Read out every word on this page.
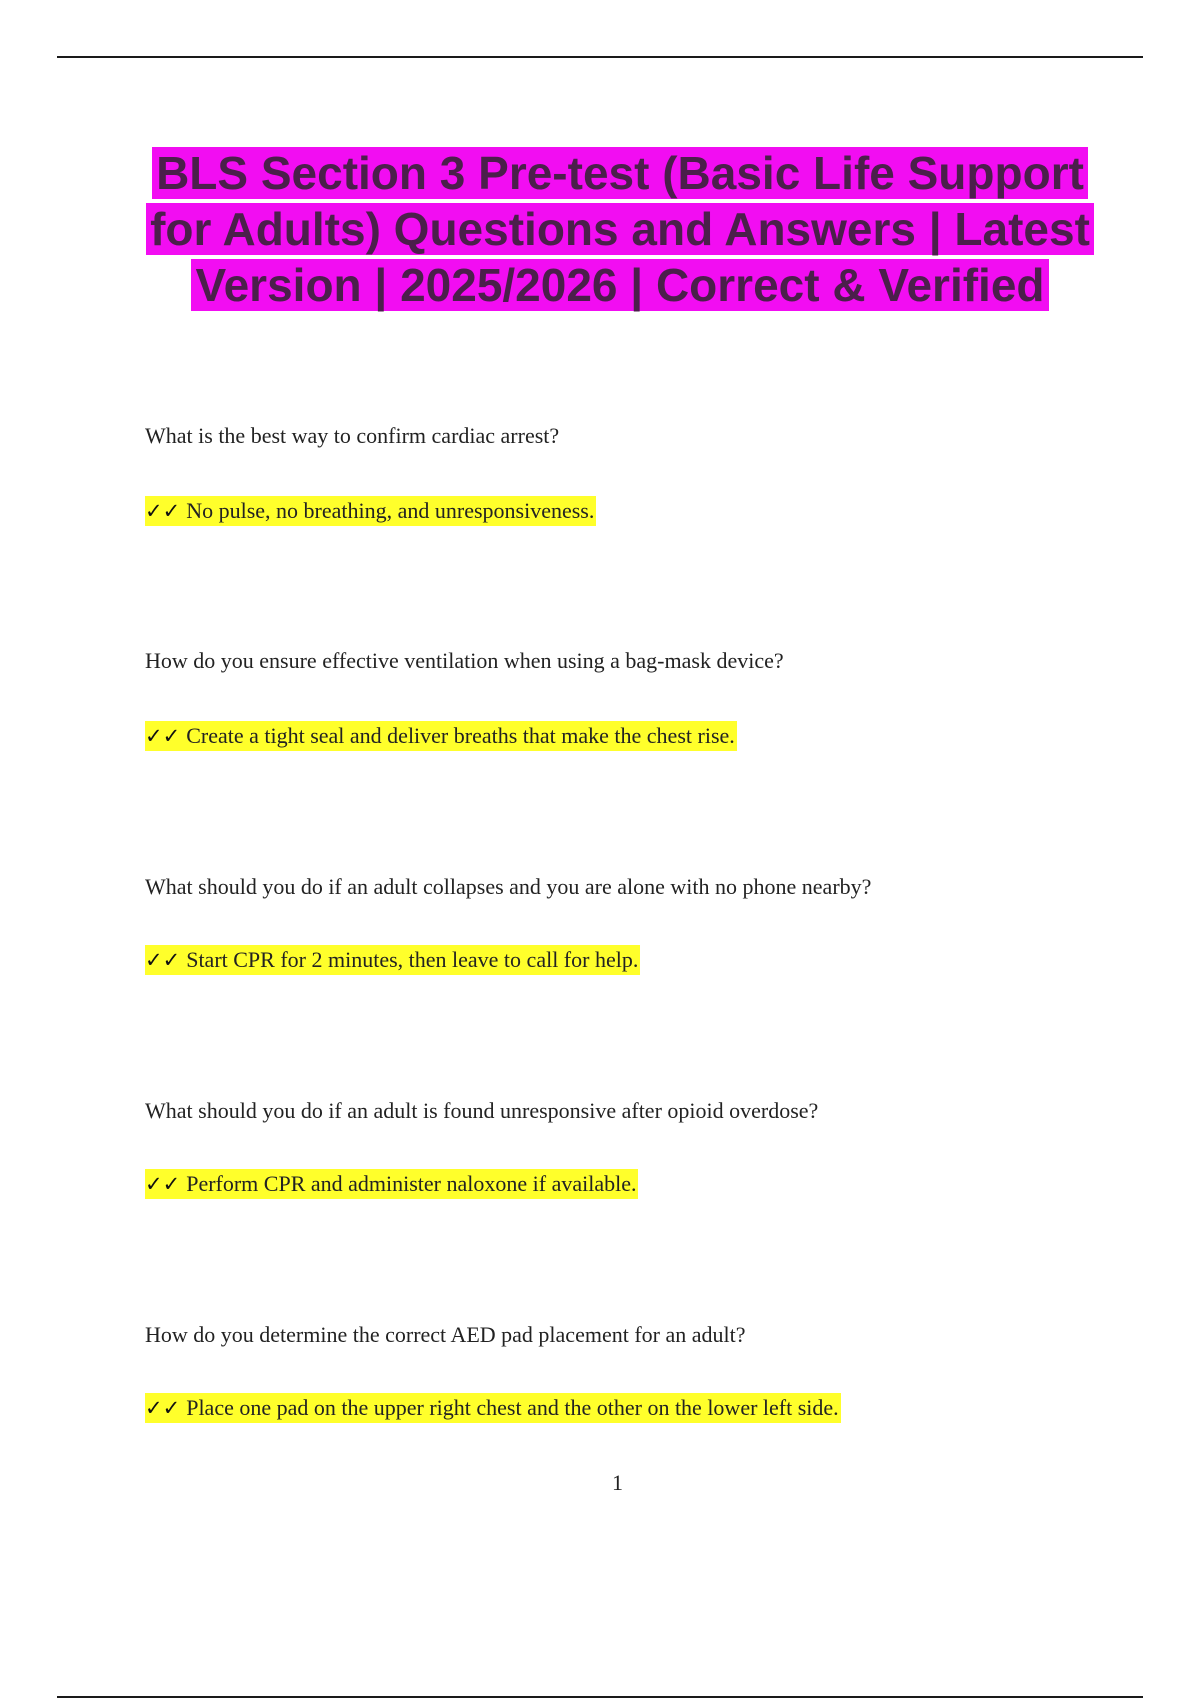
BLS Section 3 Pre-test (Basic Life Support for Adults) Questions and Answers | Latest Version | 2025/2026 | Correct & Verified

What is the best way to confirm cardiac arrest?

✓✓ No pulse, no breathing, and unresponsiveness.

How do you ensure effective ventilation when using a bag-mask device?

✓✓ Create a tight seal and deliver breaths that make the chest rise.

What should you do if an adult collapses and you are alone with no phone nearby?

✓✓ Start CPR for 2 minutes, then leave to call for help.

What should you do if an adult is found unresponsive after opioid overdose?

✓✓ Perform CPR and administer naloxone if available.

How do you determine the correct AED pad placement for an adult?

✓✓ Place one pad on the upper right chest and the other on the lower left side.

1
